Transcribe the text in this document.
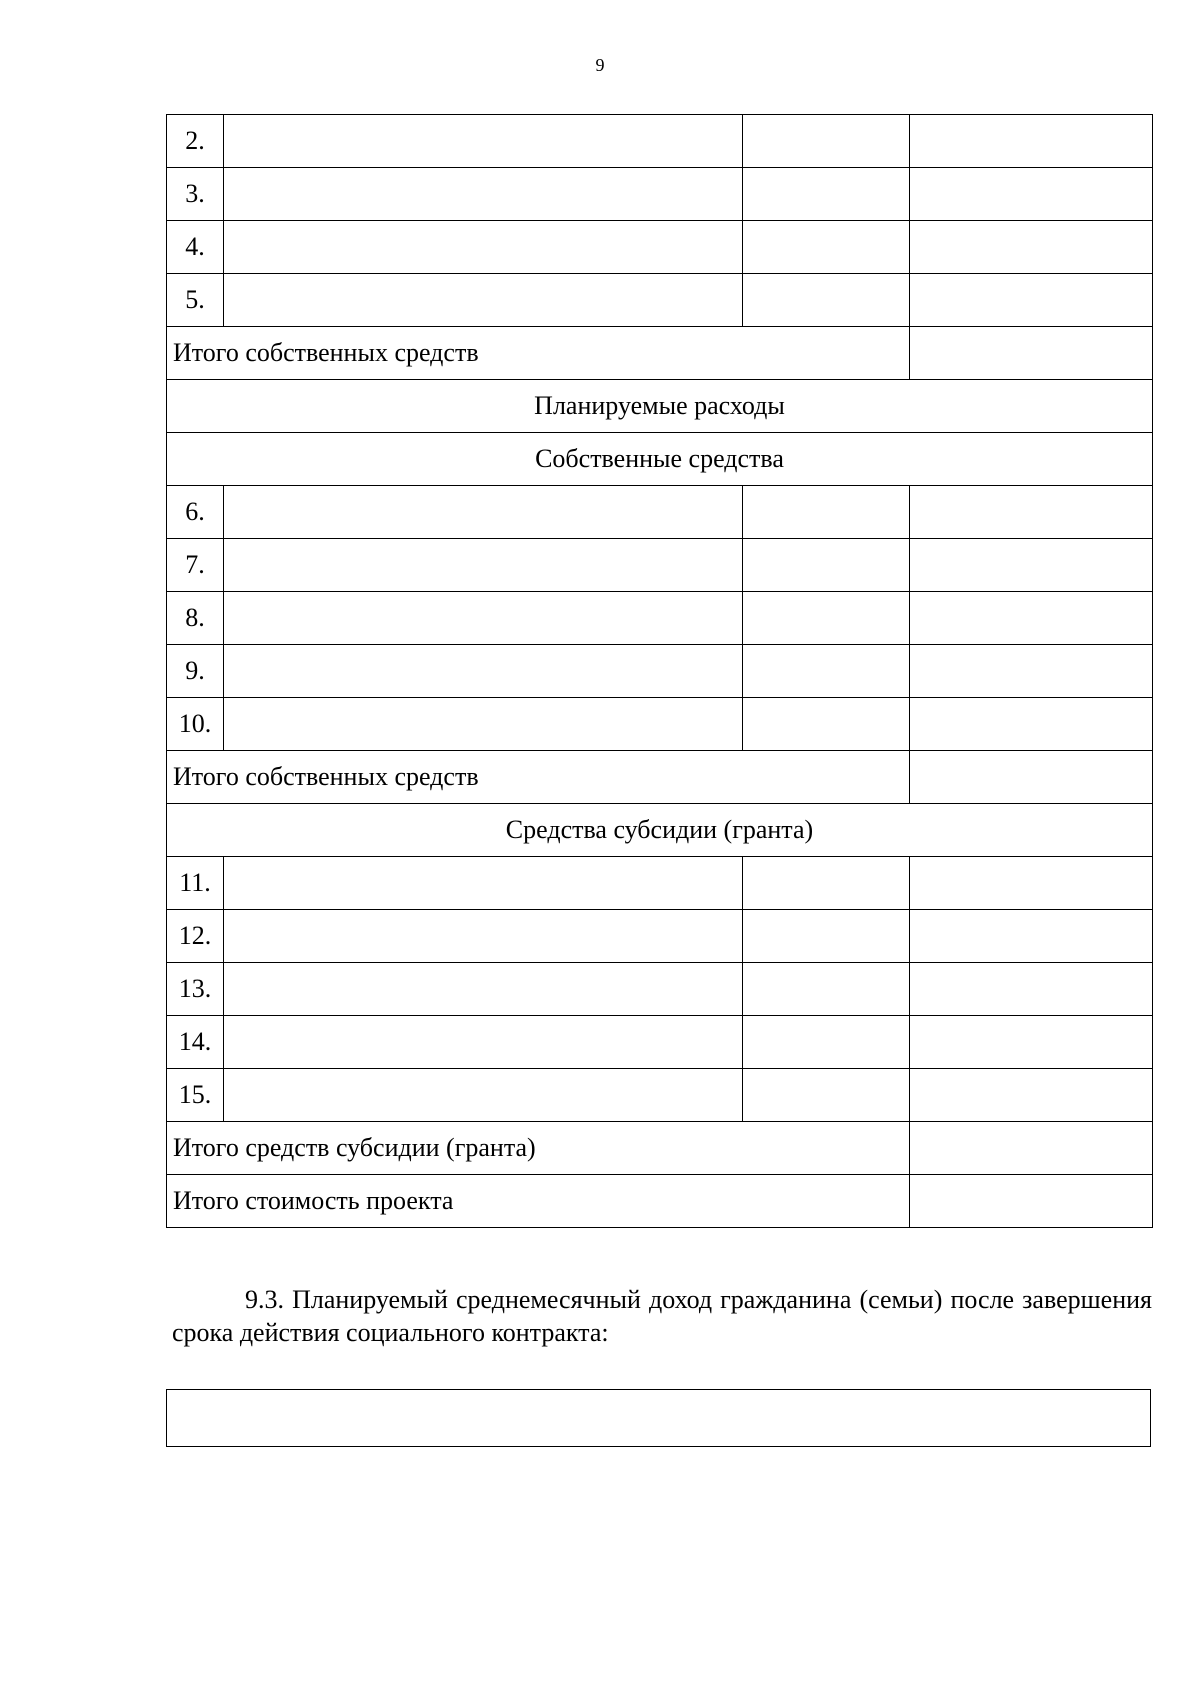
9
2.			
3.			
4.			
5.			
Итого собственных средств			
Планируемые расходы			
Собственные средства			
6.			
7.			
8.			
9.			
10.			
Итого собственных средств			
Средства субсидии (гранта)			
11.			
12.			
13.			
14.			
15.			
Итого средств субсидии (гранта)			
Итого стоимость проекта			

9.3. Планируемый среднемесячный доход гражданина (семьи) после завершения срока действия социального контракта:
